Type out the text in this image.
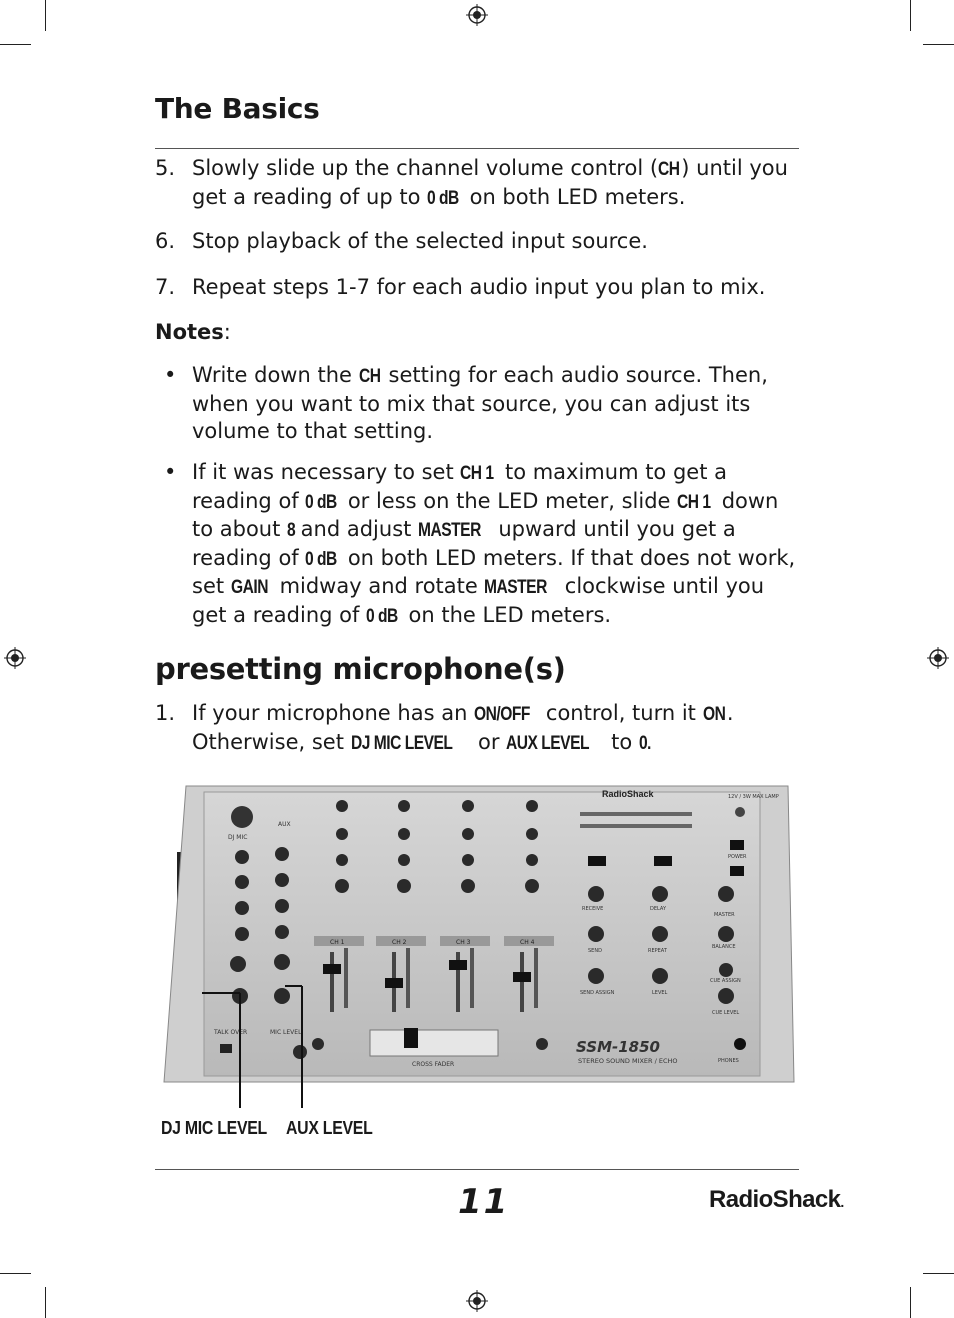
The Basics
5. Slowly slide up the channel volume control (CH) until you get a reading of up to 0 dB on both LED meters.
6. Stop playback of the selected input source.
7. Repeat steps 1-7 for each audio input you plan to mix.
Notes:
• Write down the CH setting for each audio source. Then, when you want to mix that source, you can adjust its volume to that setting.
• If it was necessary to set CH 1 to maximum to get a reading of 0 dB or less on the LED meter, slide CH 1 down to about 8 and adjust MASTER upward until you get a reading of 0 dB on both LED meters. If that does not work, set GAIN midway and rotate MASTER clockwise until you get a reading of 0 dB on the LED meters.
presetting microphone(s)
1. If your microphone has an ON/OFF control, turn it ON. Otherwise, set DJ MIC LEVEL or AUX LEVEL to 0.
DJ MIC
AUX
TALK OVER	MIC LEVEL
CH 1	CH 2	CH 3	CH 4
CROSS FADER
RadioShack	12V / 3W MAX LAMP
POWER
RECEIVE
SEND
SEND ASSIGN
DELAY
REPEAT
LEVEL
MASTER
BALANCE
CUE ASSIGN
CUE LEVEL
SSM-1850
STEREO SOUND MIXER / ECHO	PHONES
DJ MIC LEVEL AUX LEVEL
11	RadioShack.
